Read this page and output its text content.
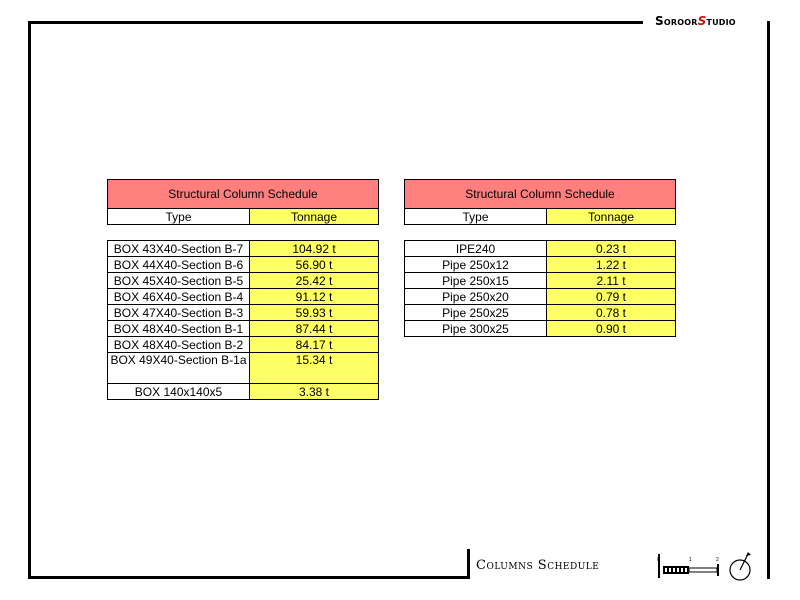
SoroorStudio
Structural Column Schedule	
Type	Tonnage

BOX 43X40-Section B-7	104.92 t
BOX 44X40-Section B-6	56.90 t
BOX 45X40-Section B-5	25.42 t
BOX 46X40-Section B-4	91.12 t
BOX 47X40-Section B-3	59.93 t
BOX 48X40-Section B-1	87.44 t
BOX 48X40-Section B-2	84.17 t
BOX 49X40-Section B-1a	15.34 t
BOX 140x140x5	3.38 t
Structural Column Schedule	
Type	Tonnage

IPE240	0.23 t
Pipe 250x12	1.22 t
Pipe 250x15	2.11 t
Pipe 250x20	0.79 t
Pipe 250x25	0.78 t
Pipe 300x25	0.90 t
Columns Schedule	1	2
